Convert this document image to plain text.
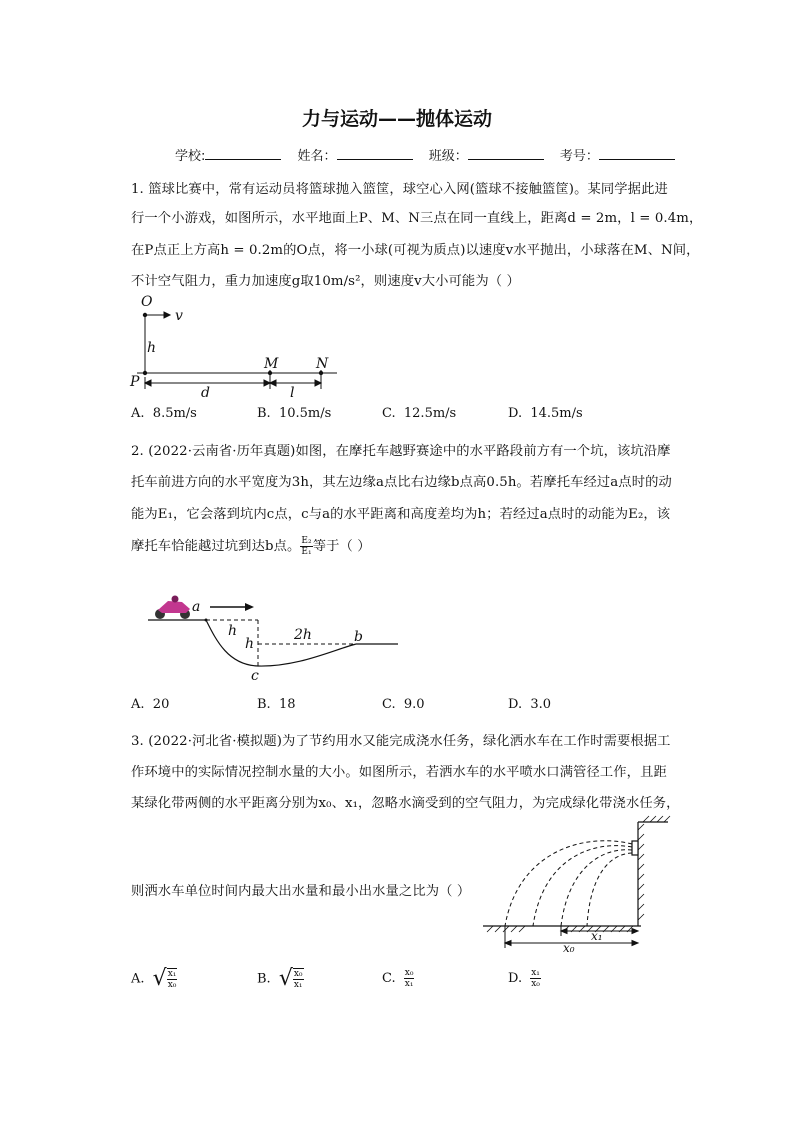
力与运动——抛体运动
学校:	姓名：	班级：	考号：
1. 篮球比赛中，常有运动员将篮球抛入篮筐，球空心入网(篮球不接触篮筐)。某同学据此进
行一个小游戏，如图所示，水平地面上P、M、N三点在同一直线上，距离d = 2m，l = 0.4m，
在P点正上方高h = 0.2m的O点，将一小球(可视为质点)以速度v水平抛出，小球落在M、N间，
不计空气阻力，重力加速度g取10m/s²，则速度v大小可能为（ ）
O
v
h
P
M	N
d	l
A. 8.5m/s	B. 10.5m/s	C. 12.5m/s	D. 14.5m/s
2. (2022·云南省·历年真题)如图，在摩托车越野赛途中的水平路段前方有一个坑，该坑沿摩
托车前进方向的水平宽度为3h，其左边缘a点比右边缘b点高0.5h。若摩托车经过a点时的动
能为E₁，它会落到坑内c点，c与a的水平距离和高度差均为h；若经过a点时的动能为E₂，该
摩托车恰能越过坑到达b点。 $\frac{\text{E₂}}{\text{E₁}}$ 等于（ ）
a
h
h
2h	b
c
A. 20	B. 18	C. 9.0	D. 3.0
3. (2022·河北省·模拟题)为了节约用水又能完成浇水任务，绿化洒水车在工作时需要根据工
作环境中的实际情况控制水量的大小。如图所示，若洒水车的水平喷水口满管径工作，且距
某绿化带两侧的水平距离分别为x₀、x₁，忽略水滴受到的空气阻力，为完成绿化带浇水任务，
则洒水车单位时间内最大出水量和最小出水量之比为（ ）
x₁
x₀
A. √ $\frac{\text{x₁}}{\text{x₀}}$	B. √ $\frac{\text{x₀}}{\text{x₁}}$	C. $\frac{\text{x₀}}{\text{x₁}}$	D. $\frac{\text{x₁}}{\text{x₀}}$
